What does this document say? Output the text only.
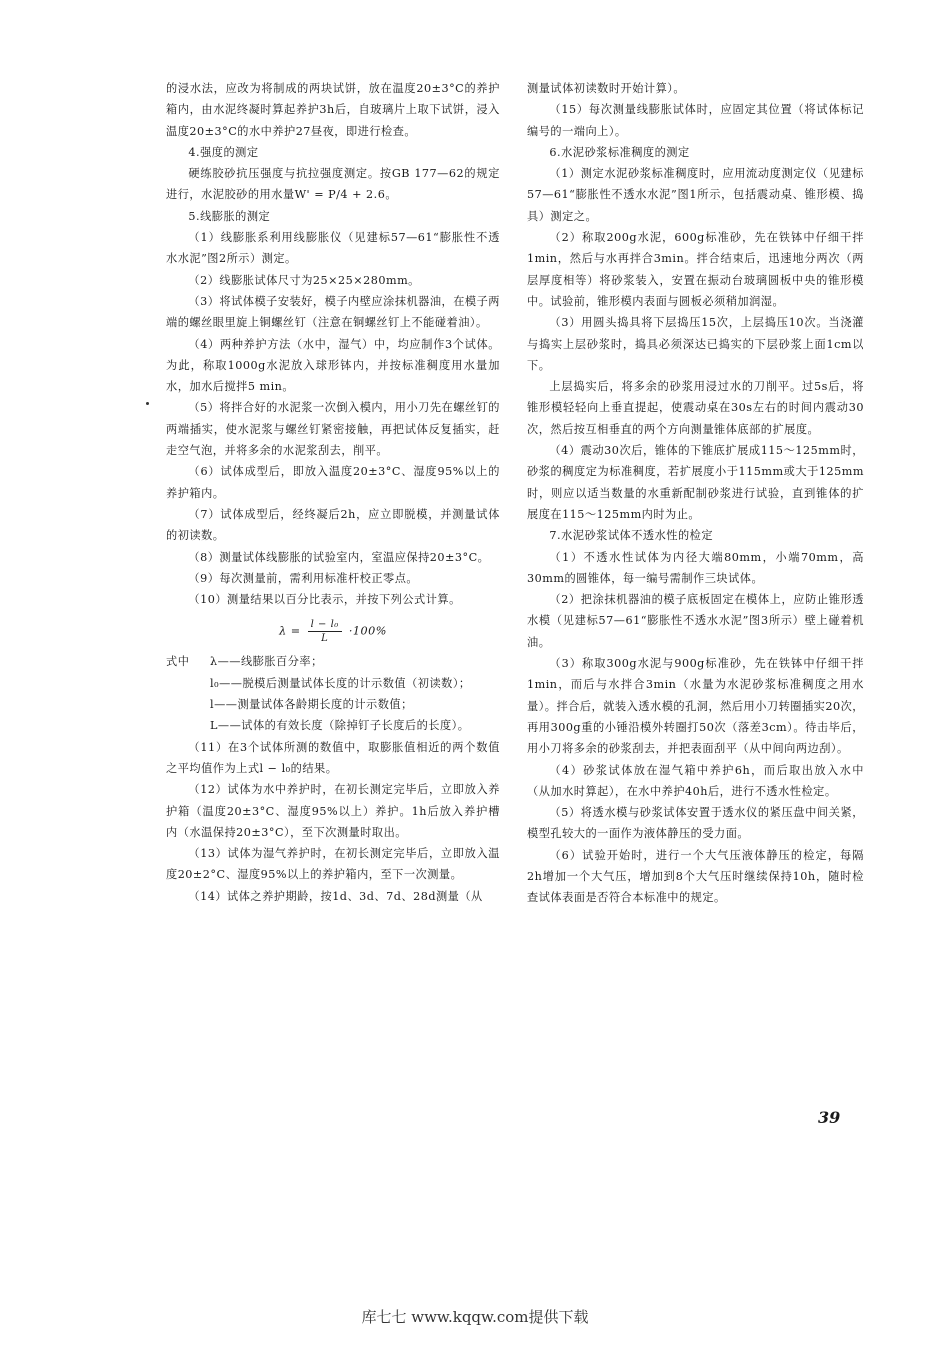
的浸水法，应改为将制成的两块试饼，放在温度20±3°C的养护箱内，由水泥终凝时算起养护3h后，自玻璃片上取下试饼，浸入温度20±3°C的水中养护27昼夜，即进行检查。

4.强度的测定

硬练胶砂抗压强度与抗拉强度测定。按GB 177—62的规定进行，水泥胶砂的用水量W' = P/4 + 2.6。

5.线膨胀的测定

（1）线膨胀系利用线膨胀仪（见建标57—61“膨胀性不透水水泥”图2所示）测定。

（2）线膨胀试体尺寸为25×25×280mm。

（3）将试体模子安装好，模子内壁应涂抹机器油，在模子两端的螺丝眼里旋上铜螺丝钉（注意在铜螺丝钉上不能碰着油）。

（4）两种养护方法（水中，湿气）中，均应制作3个试体。为此，称取1000g水泥放入球形钵内，并按标准稠度用水量加水，加水后搅拌5 min。

（5）将拌合好的水泥浆一次倒入模内，用小刀先在螺丝钉的两端插实，使水泥浆与螺丝钉紧密接触，再把试体反复插实，赶走空气泡，并将多余的水泥浆刮去，削平。

（6）试体成型后，即放入温度20±3°C、湿度95%以上的养护箱内。

（7）试体成型后，经终凝后2h，应立即脱模，并测量试体的初读数。

（8）测量试体线膨胀的试验室内，室温应保持20±3°C。

（9）每次测量前，需利用标准杆校正零点。

（10）测量结果以百分比表示，并按下列公式计算。

$\lambda = \frac{\text{l − l₀}}{L} \cdot 100\%$
式中	λ——线膨胀百分率；
l₀——脱模后测量试体长度的计示数值（初读数）；
l——测量试体各龄期长度的计示数值；
L——试体的有效长度（除掉钉子长度后的长度）。

（11）在3个试体所测的数值中，取膨胀值相近的两个数值之平均值作为上式l − l₀的结果。

（12）试体为水中养护时，在初长测定完毕后，立即放入养护箱（温度20±3°C、湿度95%以上）养护。1h后放入养护槽内（水温保持20±3°C），至下次测量时取出。

（13）试体为湿气养护时，在初长测定完毕后，立即放入温度20±2°C、湿度95%以上的养护箱内，至下一次测量。

（14）试体之养护期龄，按1d、3d、7d、28d测量（从

测量试体初读数时开始计算）。

（15）每次测量线膨胀试体时，应固定其位置（将试体标记编号的一端向上）。

6.水泥砂浆标准稠度的测定

（1）测定水泥砂浆标准稠度时，应用流动度测定仪（见建标57—61“膨胀性不透水水泥”图1所示，包括震动桌、锥形模、捣具）测定之。

（2）称取200g水泥，600g标准砂，先在铁钵中仔细干拌1min，然后与水再拌合3min。拌合结束后，迅速地分两次（两层厚度相等）将砂浆装入，安置在振动台玻璃圆板中央的锥形模中。试验前，锥形模内表面与圆板必须稍加润湿。

（3）用圆头捣具将下层捣压15次，上层捣压10次。当浇灌与捣实上层砂浆时，捣具必须深达已捣实的下层砂浆上面1cm以下。

上层捣实后，将多余的砂浆用浸过水的刀削平。过5s后，将锥形模轻轻向上垂直提起，使震动桌在30s左右的时间内震动30次，然后按互相垂直的两个方向测量锥体底部的扩展度。

（4）震动30次后，锥体的下锥底扩展成115～125mm时，砂浆的稠度定为标准稠度，若扩展度小于115mm或大于125mm时，则应以适当数量的水重新配制砂浆进行试验，直到锥体的扩展度在115～125mm内时为止。

7.水泥砂浆试体不透水性的检定

（1）不透水性试体为内径大端80mm，小端70mm，高30mm的圆锥体，每一编号需制作三块试体。

（2）把涂抹机器油的模子底板固定在模体上，应防止锥形透水模（见建标57—61“膨胀性不透水水泥”图3所示）壁上碰着机油。

（3）称取300g水泥与900g标准砂，先在铁钵中仔细干拌1min，而后与水拌合3min（水量为水泥砂浆标准稠度之用水量）。拌合后，就装入透水模的孔洞，然后用小刀转圈插实20次，再用300g重的小锤沿模外转圈打50次（落差3cm）。待击毕后，用小刀将多余的砂浆刮去，并把表面刮平（从中间向两边刮）。

（4）砂浆试体放在湿气箱中养护6h，而后取出放入水中（从加水时算起），在水中养护40h后，进行不透水性检定。

（5）将透水模与砂浆试体安置于透水仪的紧压盘中间关紧，模型孔较大的一面作为液体静压的受力面。

（6）试验开始时，进行一个大气压液体静压的检定，每隔2h增加一个大气压，增加到8个大气压时继续保持10h，随时检查试体表面是否符合本标准中的规定。

39
库七七 www.kqqw.com提供下载
